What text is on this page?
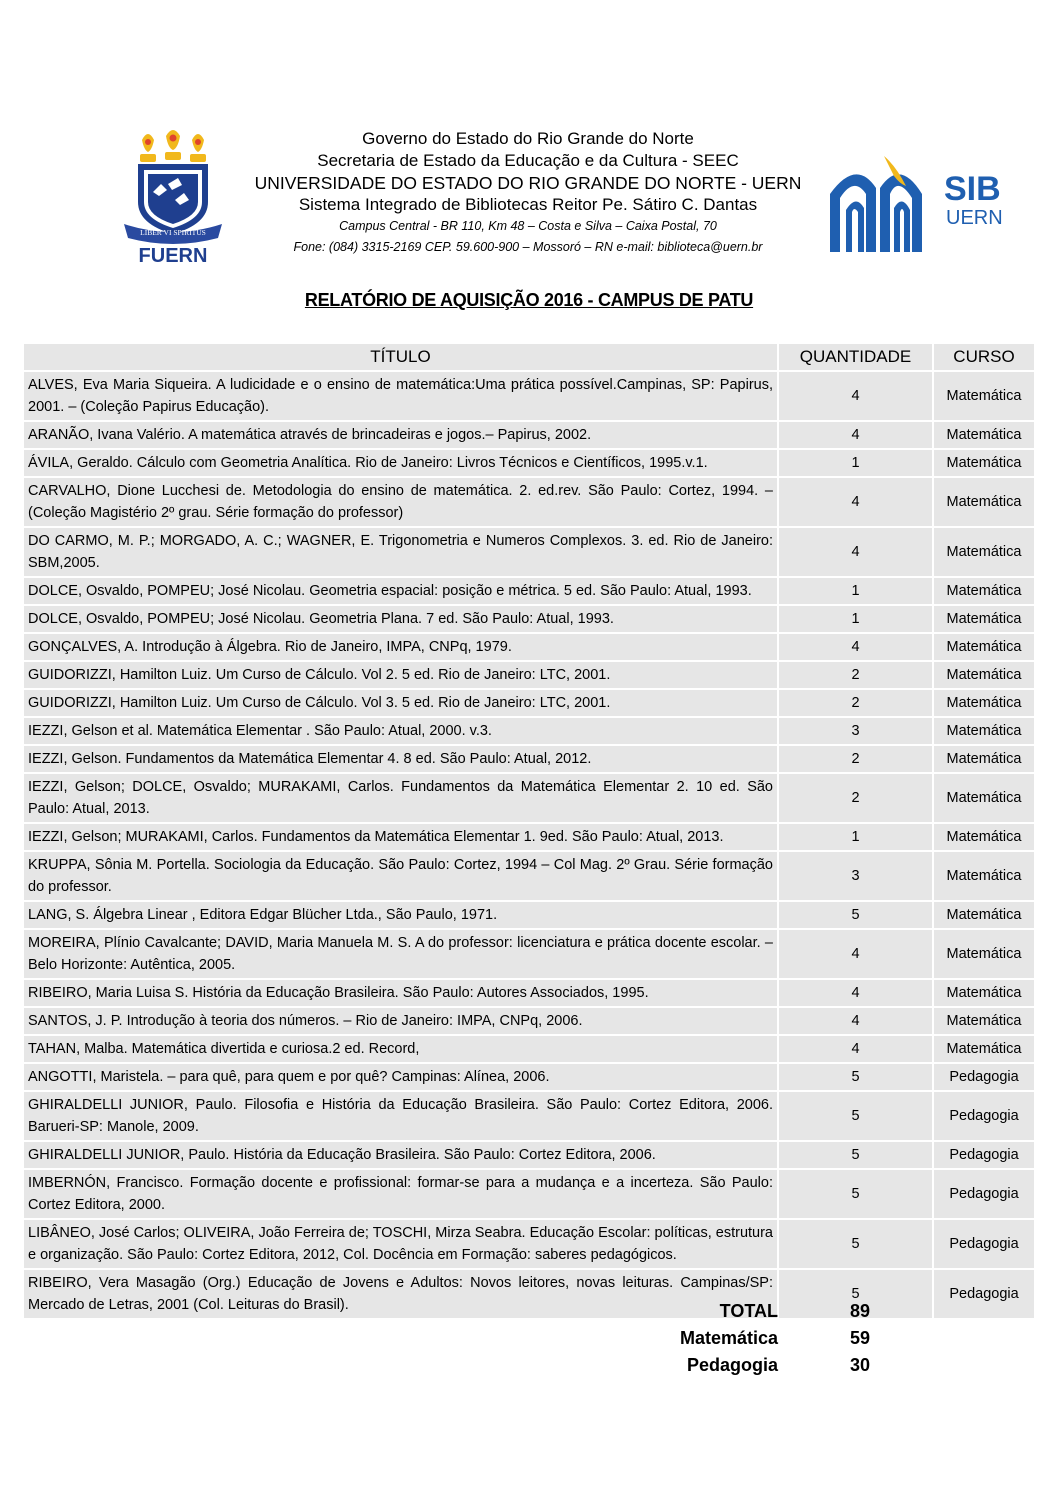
LIBER VI SPIRITUS
FUERN
Governo do Estado do Rio Grande do Norte
Secretaria de Estado da Educação e da Cultura - SEEC
UNIVERSIDADE DO ESTADO DO RIO GRANDE DO NORTE - UERN
Sistema Integrado de Bibliotecas Reitor Pe. Sátiro C. Dantas
Campus Central - BR 110, Km 48 – Costa e Silva – Caixa Postal, 70
Fone: (084) 3315-2169 CEP. 59.600-900 – Mossoró – RN e-mail: biblioteca@uern.br
SIB
UERN
RELATÓRIO DE AQUISIÇÃO 2016 - CAMPUS DE PATU
TÍTULO	QUANTIDADE	CURSO
ALVES, Eva Maria Siqueira. A ludicidade e o ensino de matemática:Uma prática possível.Campinas, SP: Papirus, 2001. – (Coleção Papirus Educação).	4	Matemática
ARANÃO, Ivana Valério. A matemática através de brincadeiras e jogos.– Papirus, 2002.	4	Matemática
ÁVILA, Geraldo. Cálculo com Geometria Analítica. Rio de Janeiro: Livros Técnicos e Científicos, 1995.v.1.	1	Matemática
CARVALHO, Dione Lucchesi de. Metodologia do ensino de matemática. 2. ed.rev. São Paulo: Cortez, 1994. – (Coleção Magistério 2º grau. Série formação do professor)	4	Matemática
DO CARMO, M. P.; MORGADO, A. C.; WAGNER, E. Trigonometria e Numeros Complexos. 3. ed. Rio de Janeiro: SBM,2005.	4	Matemática
DOLCE, Osvaldo, POMPEU; José Nicolau. Geometria espacial: posição e métrica. 5 ed. São Paulo: Atual, 1993.	1	Matemática
DOLCE, Osvaldo, POMPEU; José Nicolau. Geometria Plana. 7 ed. São Paulo: Atual, 1993.	1	Matemática
GONÇALVES, A. Introdução à Álgebra. Rio de Janeiro, IMPA, CNPq, 1979.	4	Matemática
GUIDORIZZI, Hamilton Luiz. Um Curso de Cálculo. Vol 2. 5 ed. Rio de Janeiro: LTC, 2001.	2	Matemática
GUIDORIZZI, Hamilton Luiz. Um Curso de Cálculo. Vol 3. 5 ed. Rio de Janeiro: LTC, 2001.	2	Matemática
IEZZI, Gelson et al. Matemática Elementar . São Paulo: Atual, 2000. v.3.	3	Matemática
IEZZI, Gelson. Fundamentos da Matemática Elementar 4. 8 ed. São Paulo: Atual, 2012.	2	Matemática
IEZZI, Gelson; DOLCE, Osvaldo; MURAKAMI, Carlos. Fundamentos da Matemática Elementar 2. 10 ed. São Paulo: Atual, 2013.	2	Matemática
IEZZI, Gelson; MURAKAMI, Carlos. Fundamentos da Matemática Elementar 1. 9ed. São Paulo: Atual, 2013.	1	Matemática
KRUPPA, Sônia M. Portella. Sociologia da Educação. São Paulo: Cortez, 1994 – Col Mag. 2º Grau. Série formação do professor.	3	Matemática
LANG, S. Álgebra Linear , Editora Edgar Blücher Ltda., São Paulo, 1971.	5	Matemática
MOREIRA, Plínio Cavalcante; DAVID, Maria Manuela M. S. A do professor: licenciatura e prática docente escolar. – Belo Horizonte: Autêntica, 2005.	4	Matemática
RIBEIRO, Maria Luisa S. História da Educação Brasileira. São Paulo: Autores Associados, 1995.	4	Matemática
SANTOS, J. P. Introdução à teoria dos números. – Rio de Janeiro: IMPA, CNPq, 2006.	4	Matemática
TAHAN, Malba. Matemática divertida e curiosa.2 ed. Record,	4	Matemática
ANGOTTI, Maristela. – para quê, para quem e por quê? Campinas: Alínea, 2006.	5	Pedagogia
GHIRALDELLI JUNIOR, Paulo. Filosofia e História da Educação Brasileira. São Paulo: Cortez Editora, 2006. Barueri-SP: Manole, 2009.	5	Pedagogia
GHIRALDELLI JUNIOR, Paulo. História da Educação Brasileira. São Paulo: Cortez Editora, 2006.	5	Pedagogia
IMBERNÓN, Francisco. Formação docente e profissional: formar-se para a mudança e a incerteza. São Paulo: Cortez Editora, 2000.	5	Pedagogia
LIBÂNEO, José Carlos; OLIVEIRA, João Ferreira de; TOSCHI, Mirza Seabra. Educação Escolar: políticas, estrutura e organização. São Paulo: Cortez Editora, 2012, Col. Docência em Formação: saberes pedagógicos.	5	Pedagogia
RIBEIRO, Vera Masagão (Org.) Educação de Jovens e Adultos: Novos leitores, novas leituras. Campinas/SP: Mercado de Letras, 2001 (Col. Leituras do Brasil).	5	Pedagogia
TOTAL	89
Matemática	59
Pedagogia	30
